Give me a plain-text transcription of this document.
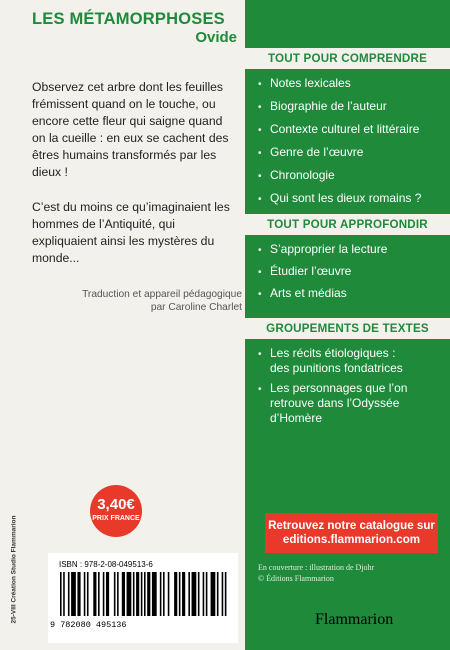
LES MÉTAMORPHOSES
Ovide

Observez cet arbre dont les feuilles frémissent quand on le touche, ou encore cette fleur qui saigne quand on la cueille : en eux se cachent des êtres humains transformés par les dieux !

C’est du moins ce qu’imaginaient les hommes de l’Antiquité, qui expliquaient ainsi les mystères du monde...

Traduction et appareil pédagogique
par Caroline Charlet
3,40€
PRIX FRANCE
25-VIII Création Studio Flammarion	ISBN : 978-2-08-049513-6
9 782080 495136
TOUT POUR COMPRENDRE
• Notes lexicales
• Biographie de l’auteur
• Contexte culturel et littéraire
• Genre de l’œuvre
• Chronologie
• Qui sont les dieux romains ?
TOUT POUR APPROFONDIR
• S’approprier la lecture
• Étudier l’œuvre
• Arts et médias
GROUPEMENTS DE TEXTES
• Les récits étiologiques :
des punitions fondatrices
• Les personnages que l’on
retrouve dans l’Odyssée
d’Homère
Retrouvez notre catalogue sur
editions.flammarion.com
En couverture : illustration de Djohr
© Éditions Flammarion
Flammarion
